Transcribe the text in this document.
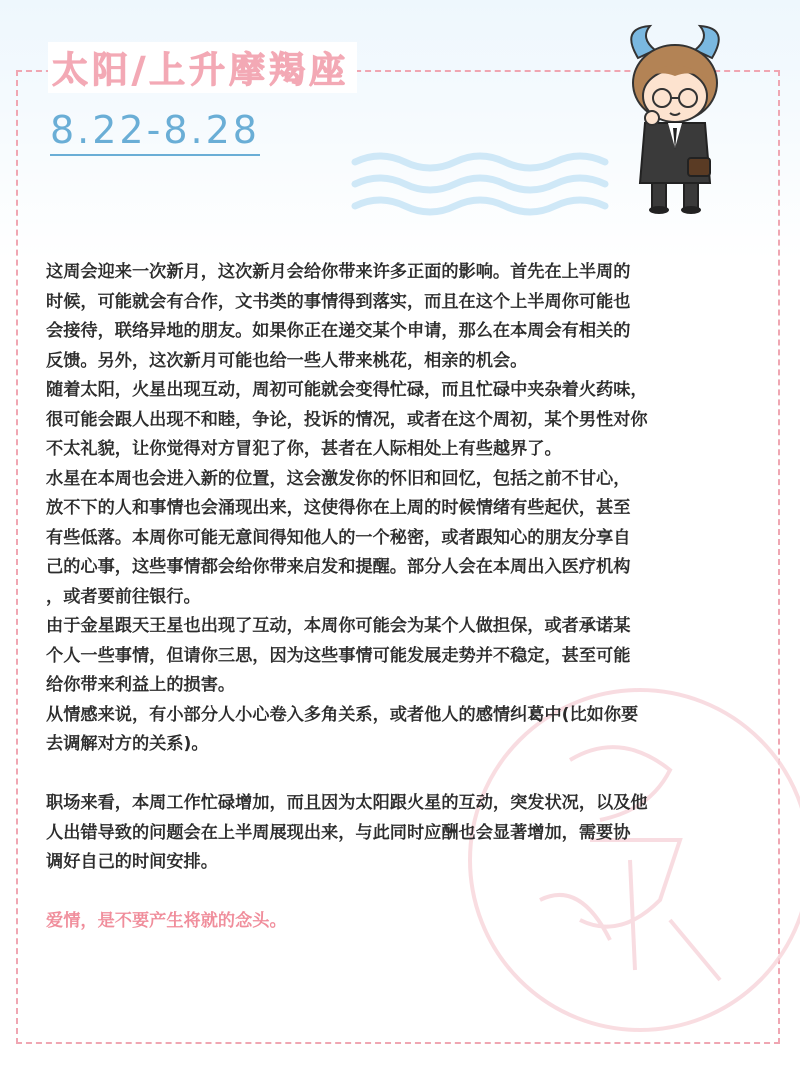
太阳/上升摩羯座
8.22-8.28

这周会迎来一次新月，这次新月会给你带来许多正面的影响。首先在上半周的
时候，可能就会有合作，文书类的事情得到落实，而且在这个上半周你可能也
会接待，联络异地的朋友。如果你正在递交某个申请，那么在本周会有相关的
反馈。另外，这次新月可能也给一些人带来桃花，相亲的机会。

随着太阳，火星出现互动，周初可能就会变得忙碌，而且忙碌中夹杂着火药味，
很可能会跟人出现不和睦，争论，投诉的情况，或者在这个周初，某个男性对你
不太礼貌，让你觉得对方冒犯了你，甚者在人际相处上有些越界了。

水星在本周也会进入新的位置，这会激发你的怀旧和回忆，包括之前不甘心，
放不下的人和事情也会涌现出来，这使得你在上周的时候情绪有些起伏，甚至
有些低落。本周你可能无意间得知他人的一个秘密，或者跟知心的朋友分享自
己的心事，这些事情都会给你带来启发和提醒。部分人会在本周出入医疗机构
，或者要前往银行。

由于金星跟天王星也出现了互动，本周你可能会为某个人做担保，或者承诺某
个人一些事情，但请你三思，因为这些事情可能发展走势并不稳定，甚至可能
给你带来利益上的损害。

从情感来说，有小部分人小心卷入多角关系，或者他人的感情纠葛中(比如你要
去调解对方的关系)。

职场来看，本周工作忙碌增加，而且因为太阳跟火星的互动，突发状况，以及他
人出错导致的问题会在上半周展现出来，与此同时应酬也会显著增加，需要协
调好自己的时间安排。

爱情，是不要产生将就的念头。
